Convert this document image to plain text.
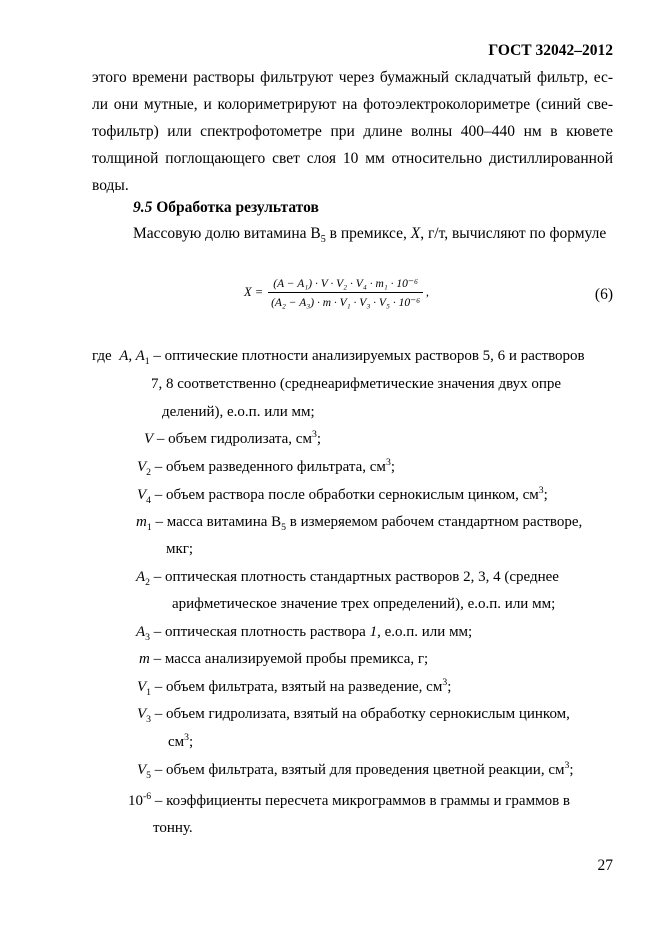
ГОСТ 32042–2012

этого времени растворы фильтруют через бумажный складчатый фильтр, ес-
ли они мутные, и колориметрируют на фотоэлектроколориметре (синий све-
тофильтр) или спектрофотометре при длине волны 400–440 нм в кювете
толщиной поглощающего свет слоя 10 мм относительно дистиллированной
воды.

9.5 Обработка результатов
Массовую долю витамина $B_5$ в премиксе, X, г/т, вычисляют по формуле
$X = \frac{\text{(A − A₁) · V · V₂ · V₄ · m₁ · 10⁻⁶}}{\text{(A₂ − A₃) · m · V₁ · V₃ · V₅ · 10⁻⁶}}$ ,	(6)
где A, $A_1$ – оптические плотности анализируемых растворов 5, 6 и растворов
7, 8 соответственно (среднеарифметические значения двух опре
делений), е.о.п. или мм;
V – объем гидролизата, $см^3$;
$V_2$ – объем разведенного фильтрата, $см^3$;
$V_4$ – объем раствора после обработки сернокислым цинком, $см^3$;
$m_1$ – масса витамина $B_5$ в измеряемом рабочем стандартном растворе,
мкг;
$A_2$ – оптическая плотность стандартных растворов 2, 3, 4 (среднее
арифметическое значение трех определений), е.о.п. или мм;
$A_3$ – оптическая плотность раствора 1, е.о.п. или мм;
m – масса анализируемой пробы премикса, г;
$V_1$ – объем фильтрата, взятый на разведение, $см^3$;
$V_3$ – объем гидролизата, взятый на обработку сернокислым цинком,
$см^3$;
$V_5$ – объем фильтрата, взятый для проведения цветной реакции, $см^3$;
$10^{-6}$ – коэффициенты пересчета микрограммов в граммы и граммов в
тонну.
27
